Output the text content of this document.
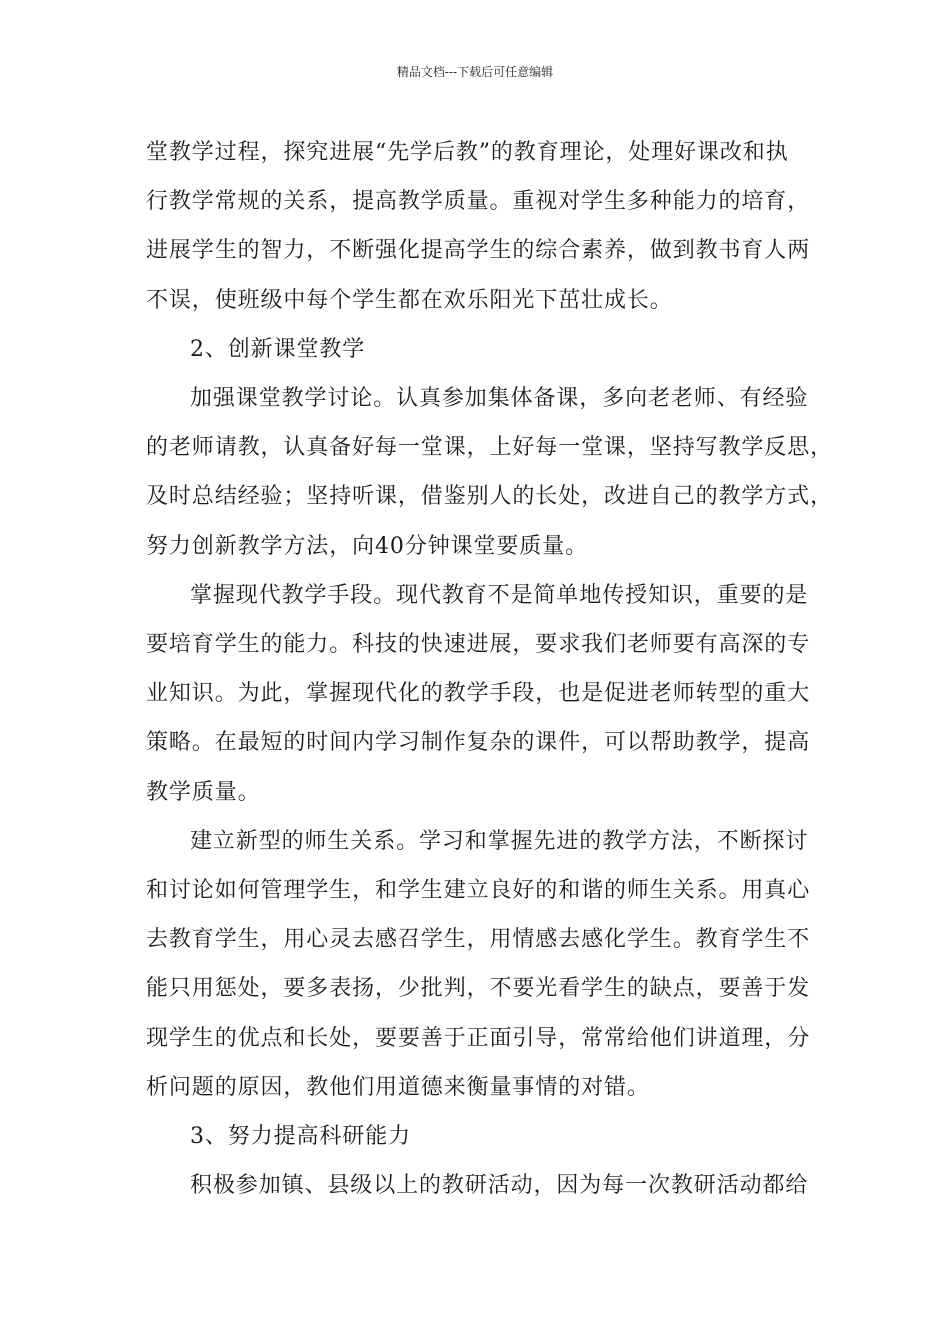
精品文档---下载后可任意编辑
堂教学过程，探究进展“先学后教”的教育理论，处理好课改和执
行教学常规的关系，提高教学质量。重视对学生多种能力的培育，
进展学生的智力，不断强化提高学生的综合素养，做到教书育人两
不误，使班级中每个学生都在欢乐阳光下茁壮成长。
2、创新课堂教学
加强课堂教学讨论。认真参加集体备课，多向老老师、有经验
的老师请教，认真备好每一堂课，上好每一堂课，坚持写教学反思，
及时总结经验；坚持听课，借鉴别人的长处，改进自己的教学方式，
努力创新教学方法，向40分钟课堂要质量。
掌握现代教学手段。现代教育不是简单地传授知识，重要的是
要培育学生的能力。科技的快速进展，要求我们老师要有高深的专
业知识。为此，掌握现代化的教学手段，也是促进老师转型的重大
策略。在最短的时间内学习制作复杂的课件，可以帮助教学，提高
教学质量。
建立新型的师生关系。学习和掌握先进的教学方法，不断探讨
和讨论如何管理学生，和学生建立良好的和谐的师生关系。用真心
去教育学生，用心灵去感召学生，用情感去感化学生。教育学生不
能只用惩处，要多表扬，少批判，不要光看学生的缺点，要善于发
现学生的优点和长处，要要善于正面引导，常常给他们讲道理，分
析问题的原因，教他们用道德来衡量事情的对错。
3、努力提高科研能力
积极参加镇、县级以上的教研活动，因为每一次教研活动都给
